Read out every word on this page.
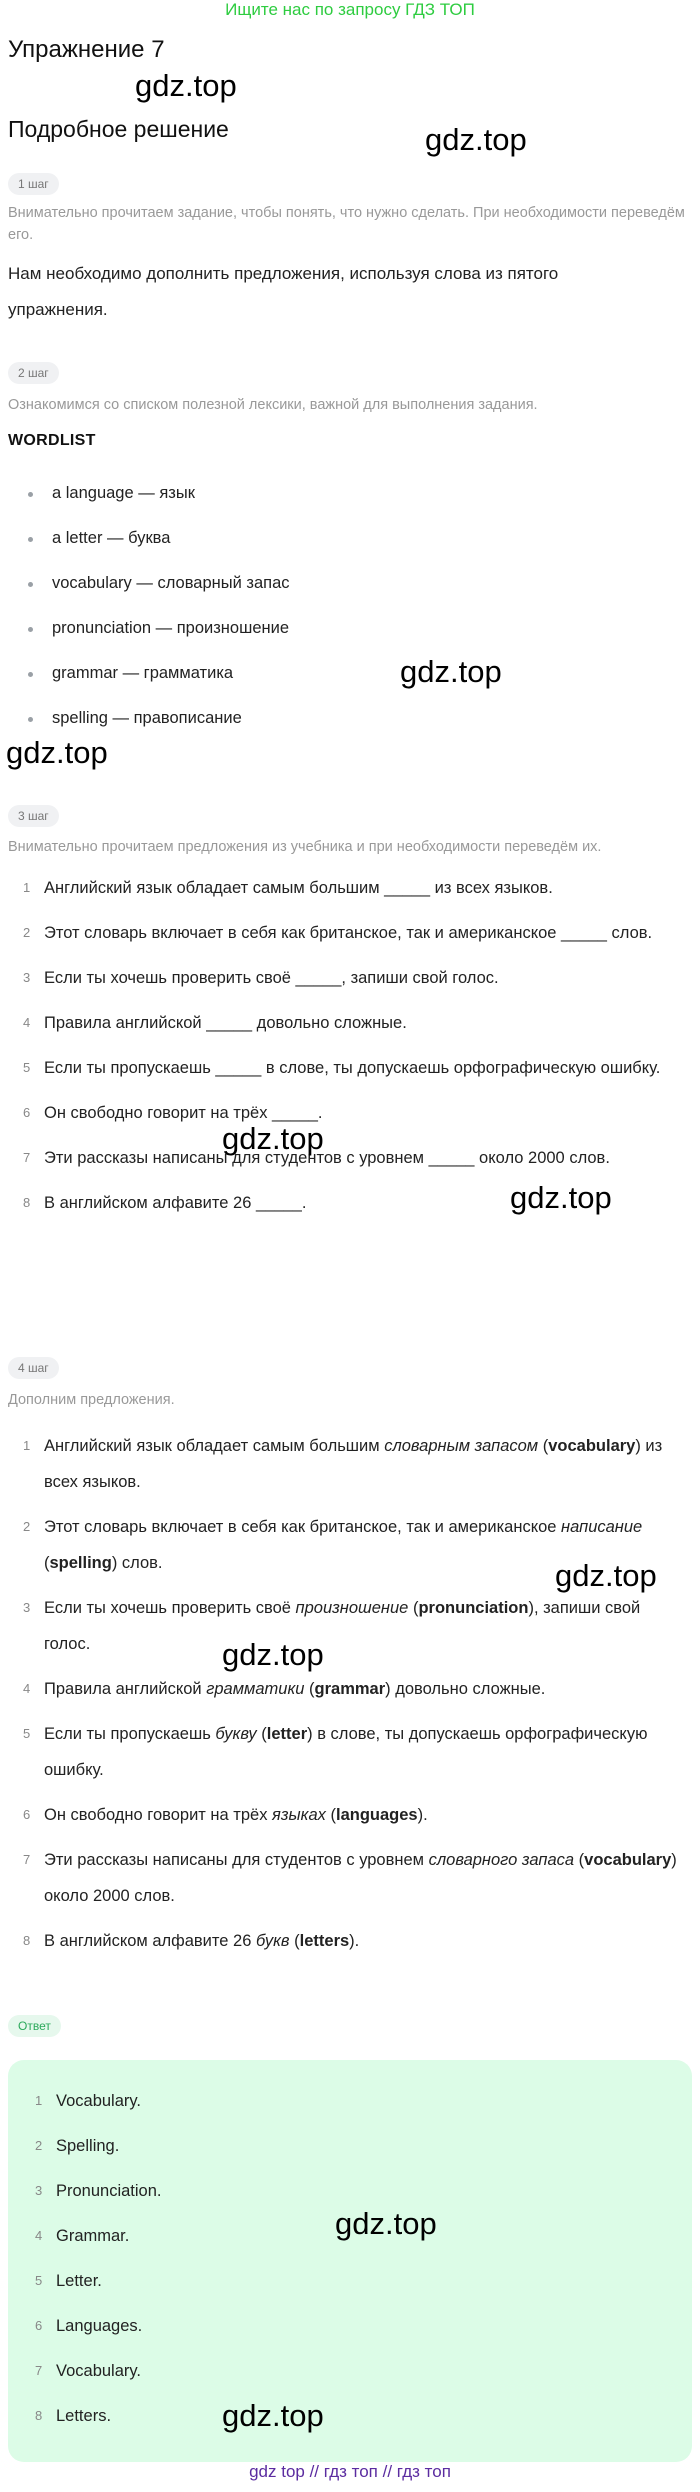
Ищите нас по запросу ГДЗ ТОП
Упражнение 7
Подробное решение
1 шаг
Внимательно прочитаем задание, чтобы понять, что нужно сделать. При необходимости переведём его.
Нам необходимо дополнить предложения, используя слова из пятого упражнения.
2 шаг
Ознакомимся со списком полезной лексики, важной для выполнения задания.
WORDLIST
a language — язык
a letter — буква
vocabulary — словарный запас
pronunciation — произношение
grammar — грамматика
spelling — правописание
3 шаг
Внимательно прочитаем предложения из учебника и при необходимости переведём их.
1 Английский язык обладает самым большим _____ из всех языков.
2 Этот словарь включает в себя как британское, так и американское _____ слов.
3 Если ты хочешь проверить своё _____, запиши свой голос.
4 Правила английской _____ довольно сложные.
5 Если ты пропускаешь _____ в слове, ты допускаешь орфографическую ошибку.
6 Он свободно говорит на трёх _____.
7 Эти рассказы написаны для студентов с уровнем _____ около 2000 слов.
8 В английском алфавите 26 _____.
4 шаг
Дополним предложения.
1 Английский язык обладает самым большим словарным запасом (vocabulary) из всех языков.
2 Этот словарь включает в себя как британское, так и американское написание (spelling) слов.
3 Если ты хочешь проверить своё произношение (pronunciation), запиши свой голос.
4 Правила английской грамматики (grammar) довольно сложные.
5 Если ты пропускаешь букву (letter) в слове, ты допускаешь орфографическую ошибку.
6 Он свободно говорит на трёх языках (languages).
7 Эти рассказы написаны для студентов с уровнем словарного запаса (vocabulary) около 2000 слов.
8 В английском алфавите 26 букв (letters).
Ответ
1 Vocabulary.
2 Spelling.
3 Pronunciation.
4 Grammar.
5 Letter.
6 Languages.
7 Vocabulary.
8 Letters.
gdz.top
gdz.top
gdz.top
gdz.top
gdz.top
gdz.top
gdz.top
gdz.top
gdz.top
gdz.top
gdz top // гдз топ // гдз топ
